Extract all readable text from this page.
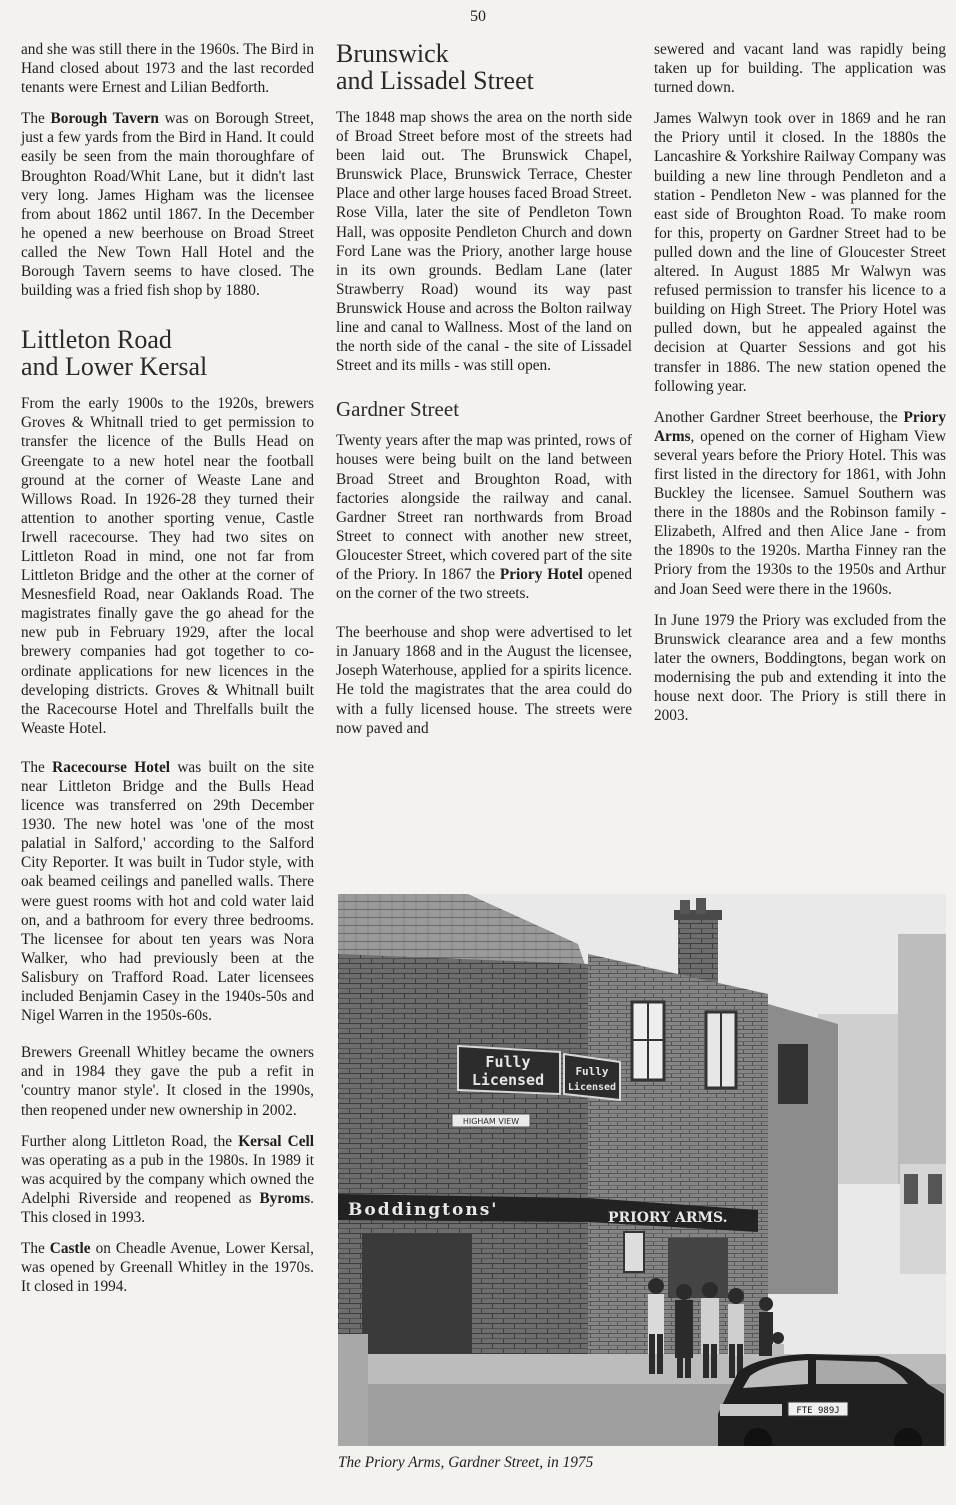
50

and she was still there in the 1960s. The Bird in Hand closed about 1973 and the last recorded tenants were Ernest and Lilian Bedforth.

The Borough Tavern was on Borough Street, just a few yards from the Bird in Hand. It could easily be seen from the main thoroughfare of Broughton Road/Whit Lane, but it didn't last very long. James Higham was the licensee from about 1862 until 1867. In the December he opened a new beerhouse on Broad Street called the New Town Hall Hotel and the Borough Tavern seems to have closed. The building was a fried fish shop by 1880.

Littleton Road
and Lower Kersal

From the early 1900s to the 1920s, brewers Groves & Whitnall tried to get permission to transfer the licence of the Bulls Head on Greengate to a new hotel near the football ground at the corner of Weaste Lane and Willows Road. In 1926-28 they turned their attention to another sporting venue, Castle Irwell racecourse. They had two sites on Littleton Road in mind, one not far from Littleton Bridge and the other at the corner of Mesnesfield Road, near Oaklands Road. The magistrates finally gave the go ahead for the new pub in February 1929, after the local brewery companies had got together to co-ordinate applications for new licences in the developing districts. Groves & Whitnall built the Racecourse Hotel and Threlfalls built the Weaste Hotel.

The Racecourse Hotel was built on the site near Littleton Bridge and the Bulls Head licence was transferred on 29th December 1930. The new hotel was 'one of the most palatial in Salford,' according to the Salford City Reporter. It was built in Tudor style, with oak beamed ceilings and panelled walls. There were guest rooms with hot and cold water laid on, and a bathroom for every three bedrooms. The licensee for about ten years was Nora Walker, who had previously been at the Salisbury on Trafford Road. Later licensees included Benjamin Casey in the 1940s-50s and Nigel Warren in the 1950s-60s.

Brewers Greenall Whitley became the owners and in 1984 they gave the pub a refit in 'country manor style'. It closed in the 1990s, then reopened under new ownership in 2002.

Further along Littleton Road, the Kersal Cell was operating as a pub in the 1980s. In 1989 it was acquired by the company which owned the Adelphi Riverside and reopened as Byroms. This closed in 1993.

The Castle on Cheadle Avenue, Lower Kersal, was opened by Greenall Whitley in the 1970s. It closed in 1994.

Brunswick
and Lissadel Street

The 1848 map shows the area on the north side of Broad Street before most of the streets had been laid out. The Brunswick Chapel, Brunswick Place, Brunswick Terrace, Chester Place and other large houses faced Broad Street. Rose Villa, later the site of Pendleton Town Hall, was opposite Pendleton Church and down Ford Lane was the Priory, another large house in its own grounds. Bedlam Lane (later Strawberry Road) wound its way past Brunswick House and across the Bolton railway line and canal to Wallness. Most of the land on the north side of the canal - the site of Lissadel Street and its mills - was still open.

Gardner Street

Twenty years after the map was printed, rows of houses were being built on the land between Broad Street and Broughton Road, with factories alongside the railway and canal. Gardner Street ran northwards from Broad Street to connect with another new street, Gloucester Street, which covered part of the site of the Priory. In 1867 the Priory Hotel opened on the corner of the two streets.

The beerhouse and shop were advertised to let in January 1868 and in the August the licensee, Joseph Waterhouse, applied for a spirits licence. He told the magistrates that the area could do with a fully licensed house. The streets were now paved and

sewered and vacant land was rapidly being taken up for building. The application was turned down.

James Walwyn took over in 1869 and he ran the Priory until it closed. In the 1880s the Lancashire & Yorkshire Railway Company was building a new line through Pendleton and a station - Pendleton New - was planned for the east side of Broughton Road. To make room for this, property on Gardner Street had to be pulled down and the line of Gloucester Street altered. In August 1885 Mr Walwyn was refused permission to transfer his licence to a building on High Street. The Priory Hotel was pulled down, but he appealed against the decision at Quarter Sessions and got his transfer in 1886. The new station opened the following year.

Another Gardner Street beerhouse, the Priory Arms, opened on the corner of Higham View several years before the Priory Hotel. This was first listed in the directory for 1861, with John Buckley the licensee. Samuel Southern was there in the 1880s and the Robinson family - Elizabeth, Alfred and then Alice Jane - from the 1890s to the 1920s. Martha Finney ran the Priory from the 1930s to the 1950s and Arthur and Joan Seed were there in the 1960s.

In June 1979 the Priory was excluded from the Brunswick clearance area and a few months later the owners, Boddingtons, began work on modernising the pub and extending it into the house next door. The Priory is still there in 2003.

Fully
Licensed	Fully
Licensed
HIGHAM VIEW
Boddingtons'	PRIORY ARMS.
FTE 989J
The Priory Arms, Gardner Street, in 1975
